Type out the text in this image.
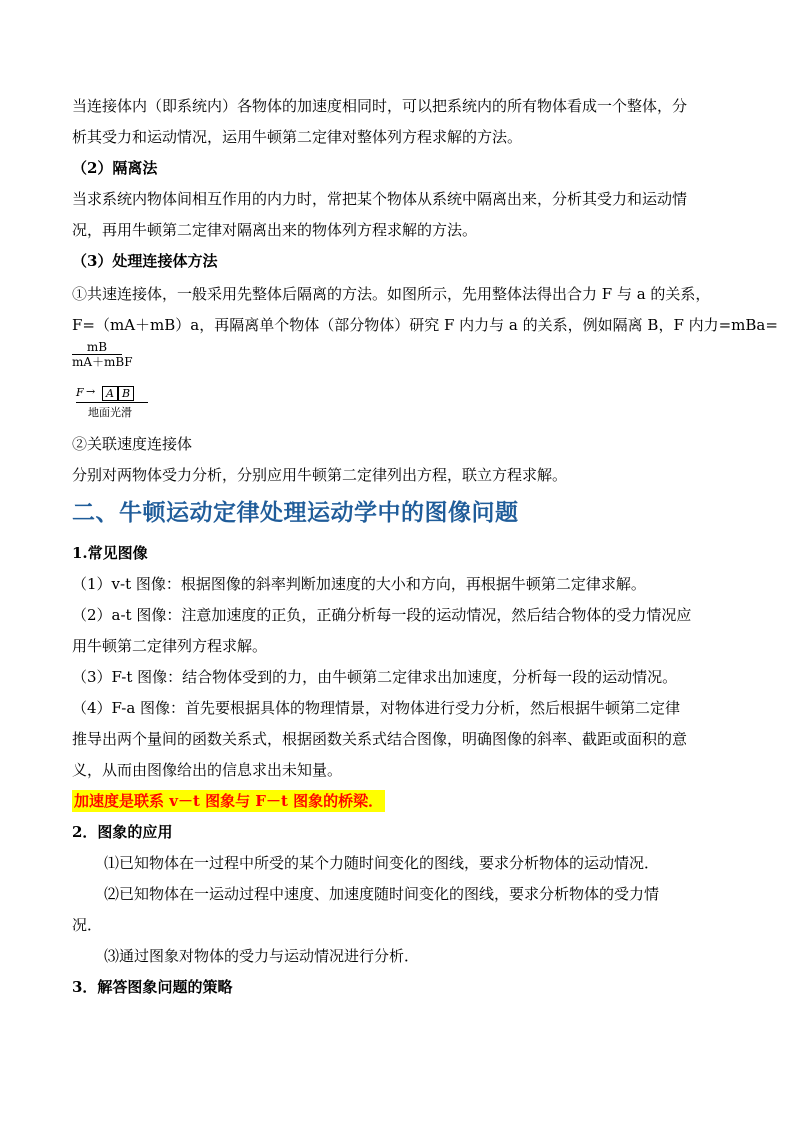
当连接体内（即系统内）各物体的加速度相同时，可以把系统内的所有物体看成一个整体，分
析其受力和运动情况，运用牛顿第二定律对整体列方程求解的方法。
（2）隔离法
当求系统内物体间相互作用的内力时，常把某个物体从系统中隔离出来，分析其受力和运动情
况，再用牛顿第二定律对隔离出来的物体列方程求解的方法。
（3）处理连接体方法
①共速连接体，一般采用先整体后隔离的方法。如图所示，先用整体法得出合力 F 与 a 的关系，
F=（mA＋mB）a，再隔离单个物体（部分物体）研究 F 内力与 a 的关系，例如隔离 B，F 内力=mBa=
mB
mA＋mBF
F → A B
地面光滑
②关联速度连接体
分别对两物体受力分析，分别应用牛顿第二定律列出方程，联立方程求解。
二、牛顿运动定律处理运动学中的图像问题
1.常见图像
（1）v-t 图像：根据图像的斜率判断加速度的大小和方向，再根据牛顿第二定律求解。
（2）a-t 图像：注意加速度的正负，正确分析每一段的运动情况，然后结合物体的受力情况应
用牛顿第二定律列方程求解。
（3）F-t 图像：结合物体受到的力，由牛顿第二定律求出加速度，分析每一段的运动情况。
（4）F-a 图像：首先要根据具体的物理情景，对物体进行受力分析，然后根据牛顿第二定律
推导出两个量间的函数关系式，根据函数关系式结合图像，明确图像的斜率、截距或面积的意
义，从而由图像给出的信息求出未知量。
加速度是联系 v－t 图象与 F－t 图象的桥梁．
2．图象的应用
⑴已知物体在一过程中所受的某个力随时间变化的图线，要求分析物体的运动情况．
⑵已知物体在一运动过程中速度、加速度随时间变化的图线，要求分析物体的受力情
况．
⑶通过图象对物体的受力与运动情况进行分析．
3．解答图象问题的策略
